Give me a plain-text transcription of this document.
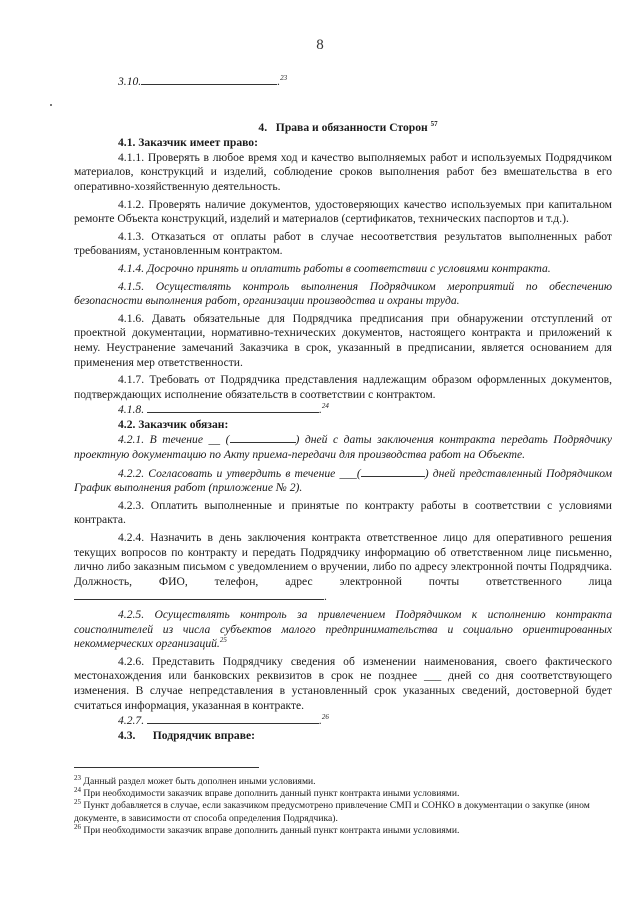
8

3.10.	.$^{23}$

4.   Права и обязанности Сторон $^{57}$

4.1. Заказчик имеет право:

4.1.1. Проверять в любое время ход и качество выполняемых работ и используемых Подрядчиком материалов, конструкций и изделий, соблюдение сроков выполнения работ без вмешательства в его оперативно-хозяйственную деятельность.

4.1.2. Проверять наличие документов, удостоверяющих качество используемых при капитальном ремонте Объекта конструкций, изделий и материалов (сертификатов, технических паспортов и т.д.).

4.1.3. Отказаться от оплаты работ в случае несоответствия результатов выполненных работ требованиям, установленным контрактом.

4.1.4. Досрочно принять и оплатить работы в соответствии с условиями контракта.

4.1.5. Осуществлять контроль выполнения Подрядчиком мероприятий по обеспечению безопасности выполнения работ, организации производства и охраны труда.

4.1.6. Давать обязательные для Подрядчика предписания при обнаружении отступлений от проектной документации, нормативно-технических документов, настоящего контракта и приложений к нему. Неустранение замечаний Заказчика в срок, указанный в предписании, является основанием для применения мер ответственности.

4.1.7. Требовать от Подрядчика представления надлежащим образом оформленных документов, подтверждающих исполнение обязательств в соответствии с контрактом.

4.1.8.	.$^{24}$

4.2. Заказчик обязан:

4.2.1. В течение __ (	) дней с даты заключения контракта передать Подрядчику проектную документацию по Акту приема-передачи для производства работ на Объекте.

4.2.2. Согласовать и утвердить в течение ___(	) дней представленный Подрядчиком График выполнения работ (приложение № 2).

4.2.3. Оплатить выполненные и принятые по контракту работы в соответствии с условиями контракта.

4.2.4. Назначить в день заключения контракта ответственное лицо для оперативного решения текущих вопросов по контракту и передать Подрядчику информацию об ответственном лице письменно, лично либо заказным письмом с уведомлением о вручении, либо по адресу электронной почты Подрядчика. Должность, ФИО, телефон, адрес электронной почты ответственного лица.

4.2.5. Осуществлять контроль за привлечением Подрядчиком к исполнению контракта соисполнителей из числа субъектов малого предпринимательства и социально ориентированных некоммерческих организаций.$^{25}$

4.2.6. Представить Подрядчику сведения об изменении наименования, своего фактического местонахождения или банковских реквизитов в срок не позднее ___ дней со дня соответствующего изменения. В случае непредставления в установленный срок указанных сведений, достоверной будет считаться информация, указанная в контракте.

4.2.7.	.$^{26}$

4.3.      Подрядчик вправе:

$^{23}$ Данный раздел может быть дополнен иными условиями.

$^{24}$ При необходимости заказчик вправе дополнить данный пункт контракта иными условиями.

$^{25}$ Пункт добавляется в случае, если заказчиком предусмотрено привлечение СМП и СОНКО в документации о закупке (ином документе, в зависимости от способа определения Подрядчика).

$^{26}$ При необходимости заказчик вправе дополнить данный пункт контракта иными условиями.
